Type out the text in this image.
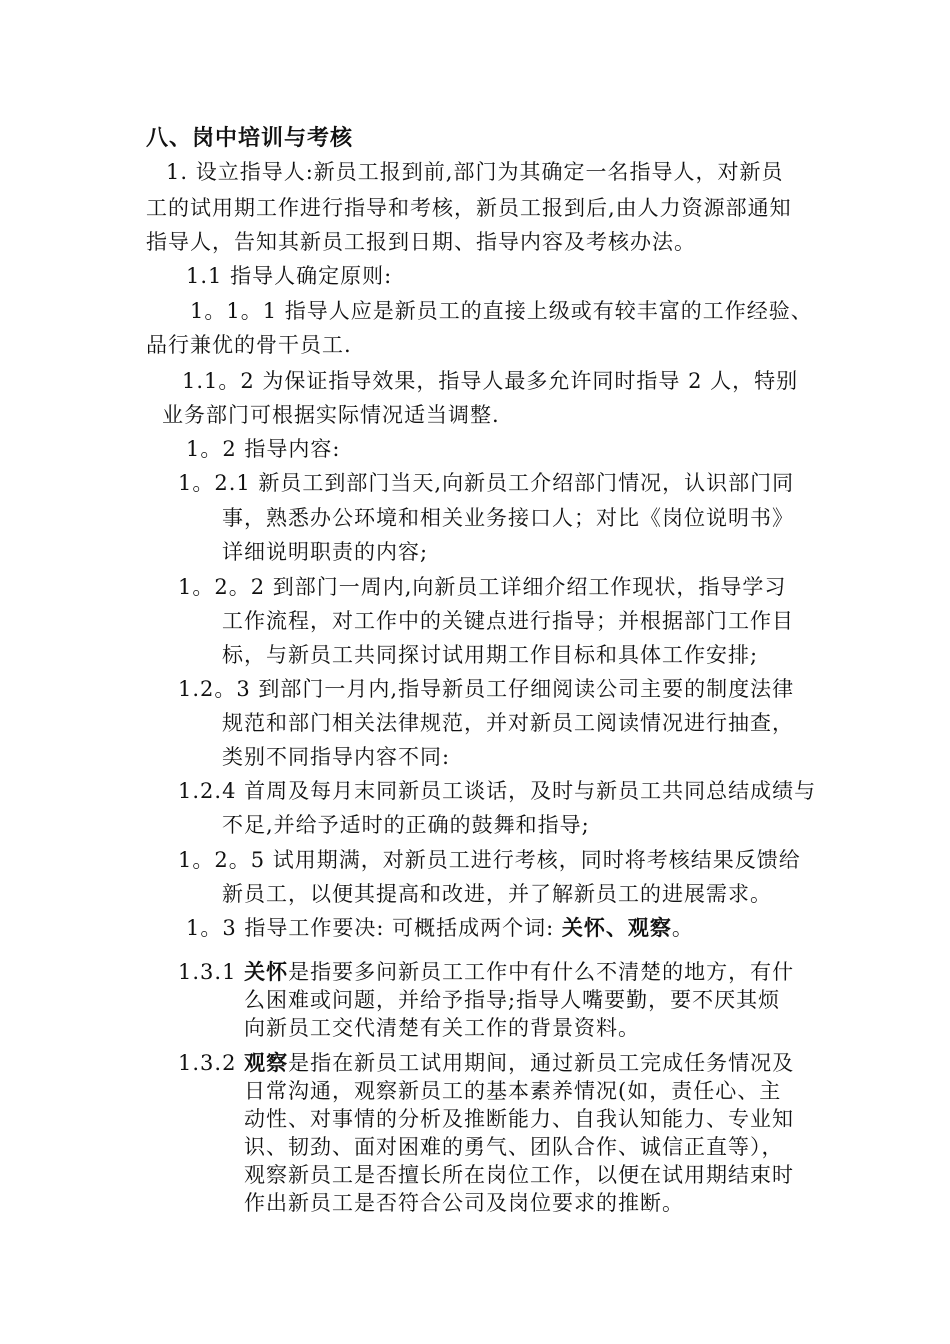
八、岗中培训与考核
1. 设立指导人:新员工报到前,部门为其确定一名指导人，对新员
工的试用期工作进行指导和考核，新员工报到后,由人力资源部通知
指导人，告知其新员工报到日期、指导内容及考核办法。
1.1 指导人确定原则:
1。1。1 指导人应是新员工的直接上级或有较丰富的工作经验、
品行兼优的骨干员工.
1.1。2 为保证指导效果，指导人最多允许同时指导 2 人，特别
业务部门可根据实际情况适当调整.
1。2 指导内容:
1。2.1 新员工到部门当天,向新员工介绍部门情况，认识部门同
事，熟悉办公环境和相关业务接口人；对比《岗位说明书》
详细说明职责的内容;
1。2。2 到部门一周内,向新员工详细介绍工作现状，指导学习
工作流程，对工作中的关键点进行指导；并根据部门工作目
标，与新员工共同探讨试用期工作目标和具体工作安排;
1.2。3 到部门一月内,指导新员工仔细阅读公司主要的制度法律
规范和部门相关法律规范，并对新员工阅读情况进行抽查，
类别不同指导内容不同:
1.2.4 首周及每月末同新员工谈话，及时与新员工共同总结成绩与
不足,并给予适时的正确的鼓舞和指导;
1。2。5 试用期满，对新员工进行考核，同时将考核结果反馈给
新员工，以便其提高和改进，并了解新员工的进展需求。
1。3 指导工作要决: 可概括成两个词: 关怀、观察。
1.3.1 关怀是指要多问新员工工作中有什么不清楚的地方，有什
么困难或问题，并给予指导;指导人嘴要勤，要不厌其烦
向新员工交代清楚有关工作的背景资料。
1.3.2 观察是指在新员工试用期间，通过新员工完成任务情况及
日常沟通，观察新员工的基本素养情况(如，责任心、主
动性、对事情的分析及推断能力、自我认知能力、专业知
识、韧劲、面对困难的勇气、团队合作、诚信正直等），
观察新员工是否擅长所在岗位工作，以便在试用期结束时
作出新员工是否符合公司及岗位要求的推断。
